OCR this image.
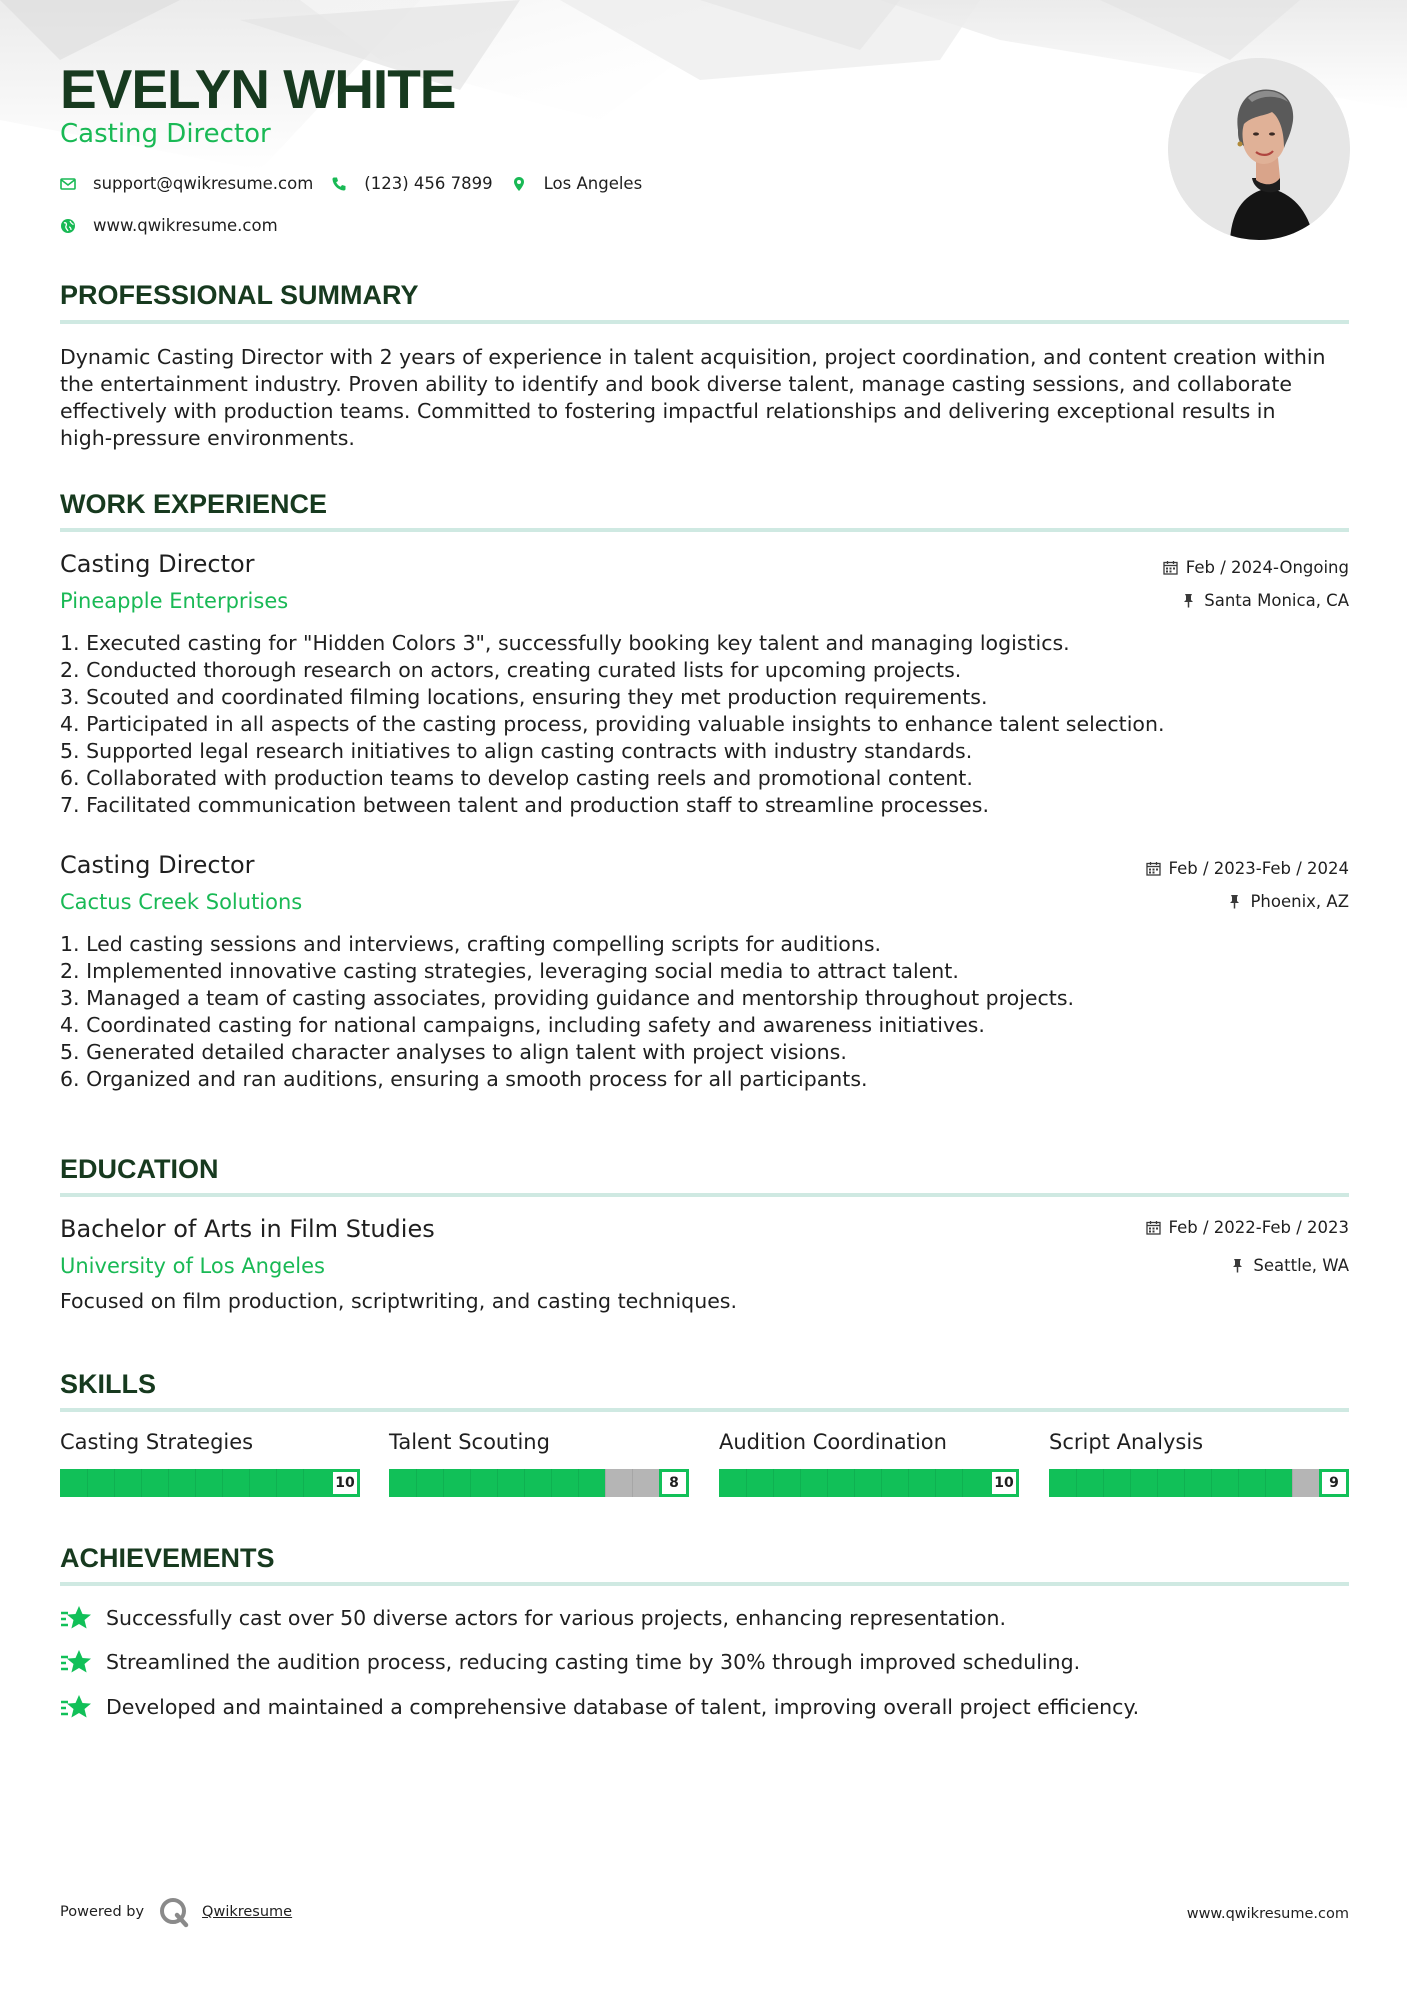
EVELYN WHITE
Casting Director
support@qwikresume.com	(123) 456 7899	Los Angeles
www.qwikresume.com
PROFESSIONAL SUMMARY
Dynamic Casting Director with 2 years of experience in talent acquisition, project coordination, and content creation within
the entertainment industry. Proven ability to identify and book diverse talent, manage casting sessions, and collaborate
effectively with production teams. Committed to fostering impactful relationships and delivering exceptional results in
high-pressure environments.
WORK EXPERIENCE
Casting Director
Pineapple Enterprises
Feb / 2024-Ongoing
Santa Monica, CA
1. Executed casting for "Hidden Colors 3", successfully booking key talent and managing logistics.
2. Conducted thorough research on actors, creating curated lists for upcoming projects.
3. Scouted and coordinated filming locations, ensuring they met production requirements.
4. Participated in all aspects of the casting process, providing valuable insights to enhance talent selection.
5. Supported legal research initiatives to align casting contracts with industry standards.
6. Collaborated with production teams to develop casting reels and promotional content.
7. Facilitated communication between talent and production staff to streamline processes.
Casting Director
Cactus Creek Solutions
Feb / 2023-Feb / 2024
Phoenix, AZ
1. Led casting sessions and interviews, crafting compelling scripts for auditions.
2. Implemented innovative casting strategies, leveraging social media to attract talent.
3. Managed a team of casting associates, providing guidance and mentorship throughout projects.
4. Coordinated casting for national campaigns, including safety and awareness initiatives.
5. Generated detailed character analyses to align talent with project visions.
6. Organized and ran auditions, ensuring a smooth process for all participants.
EDUCATION
Bachelor of Arts in Film Studies
University of Los Angeles
Feb / 2022-Feb / 2023
Seattle, WA
Focused on film production, scriptwriting, and casting techniques.
SKILLS
Casting Strategies
10
Talent Scouting
8
Audition Coordination
10
Script Analysis
9
ACHIEVEMENTS
Successfully cast over 50 diverse actors for various projects, enhancing representation.
Streamlined the audition process, reducing casting time by 30% through improved scheduling.
Developed and maintained a comprehensive database of talent, improving overall project efficiency.
Powered by	Qwikresume	www.qwikresume.com
